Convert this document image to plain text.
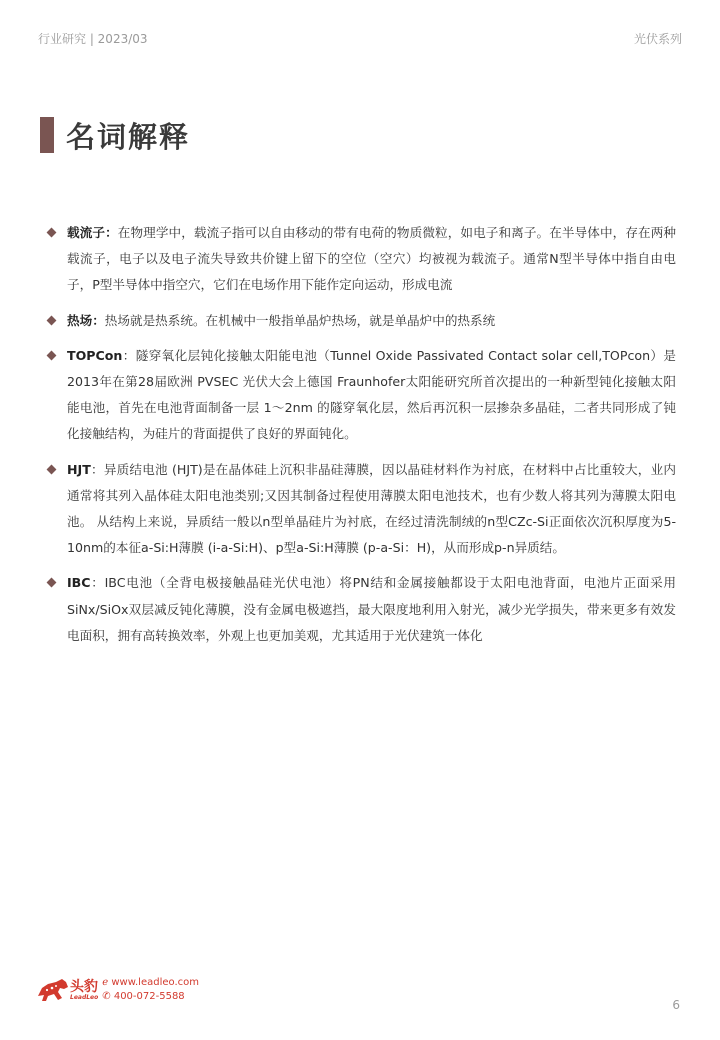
行业研究 | 2023/03	光伏系列
名词解释
载流子：在物理学中，载流子指可以自由移动的带有电荷的物质微粒，如电子和离子。在半导体中，存在两种载流子，电子以及电子流失导致共价键上留下的空位（空穴）均被视为载流子。通常N型半导体中指自由电子，P型半导体中指空穴，它们在电场作用下能作定向运动，形成电流
热场：热场就是热系统。在机械中一般指单晶炉热场，就是单晶炉中的热系统
TOPCon：隧穿氧化层钝化接触太阳能电池（Tunnel Oxide Passivated Contact solar cell,TOPcon）是2013年在第28届欧洲 PVSEC 光伏大会上德国 Fraunhofer太阳能研究所首次提出的一种新型钝化接触太阳能电池，首先在电池背面制备一层 1～2nm 的隧穿氧化层，然后再沉积一层掺杂多晶硅，二者共同形成了钝化接触结构，为硅片的背面提供了良好的界面钝化。
HJT：异质结电池 (HJT)是在晶体硅上沉积非晶硅薄膜，因以晶硅材料作为衬底，在材料中占比重较大，业内通常将其列入晶体硅太阳电池类别;又因其制备过程使用薄膜太阳电池技术，也有少数人将其列为薄膜太阳电池。 从结构上来说，异质结一般以n型单晶硅片为衬底，在经过清洗制绒的n型CZc-Si正面依次沉积厚度为5-10nm的本征a-Si:H薄膜 (i-a-Si:H)、p型a-Si:H薄膜 (p-a-Si：H)，从而形成p-n异质结。
IBC：IBC电池（全背电极接触晶硅光伏电池）将PN结和金属接触都设于太阳电池背面，电池片正面采用SiNx/SiOx双层减反钝化薄膜，没有金属电极遮挡，最大限度地利用入射光，减少光学损失，带来更多有效发电面积，拥有高转换效率，外观上也更加美观，尤其适用于光伏建筑一体化
头豹
LeadLeo
ℯ www.leadleo.com
✆ 400-072-5588
6
